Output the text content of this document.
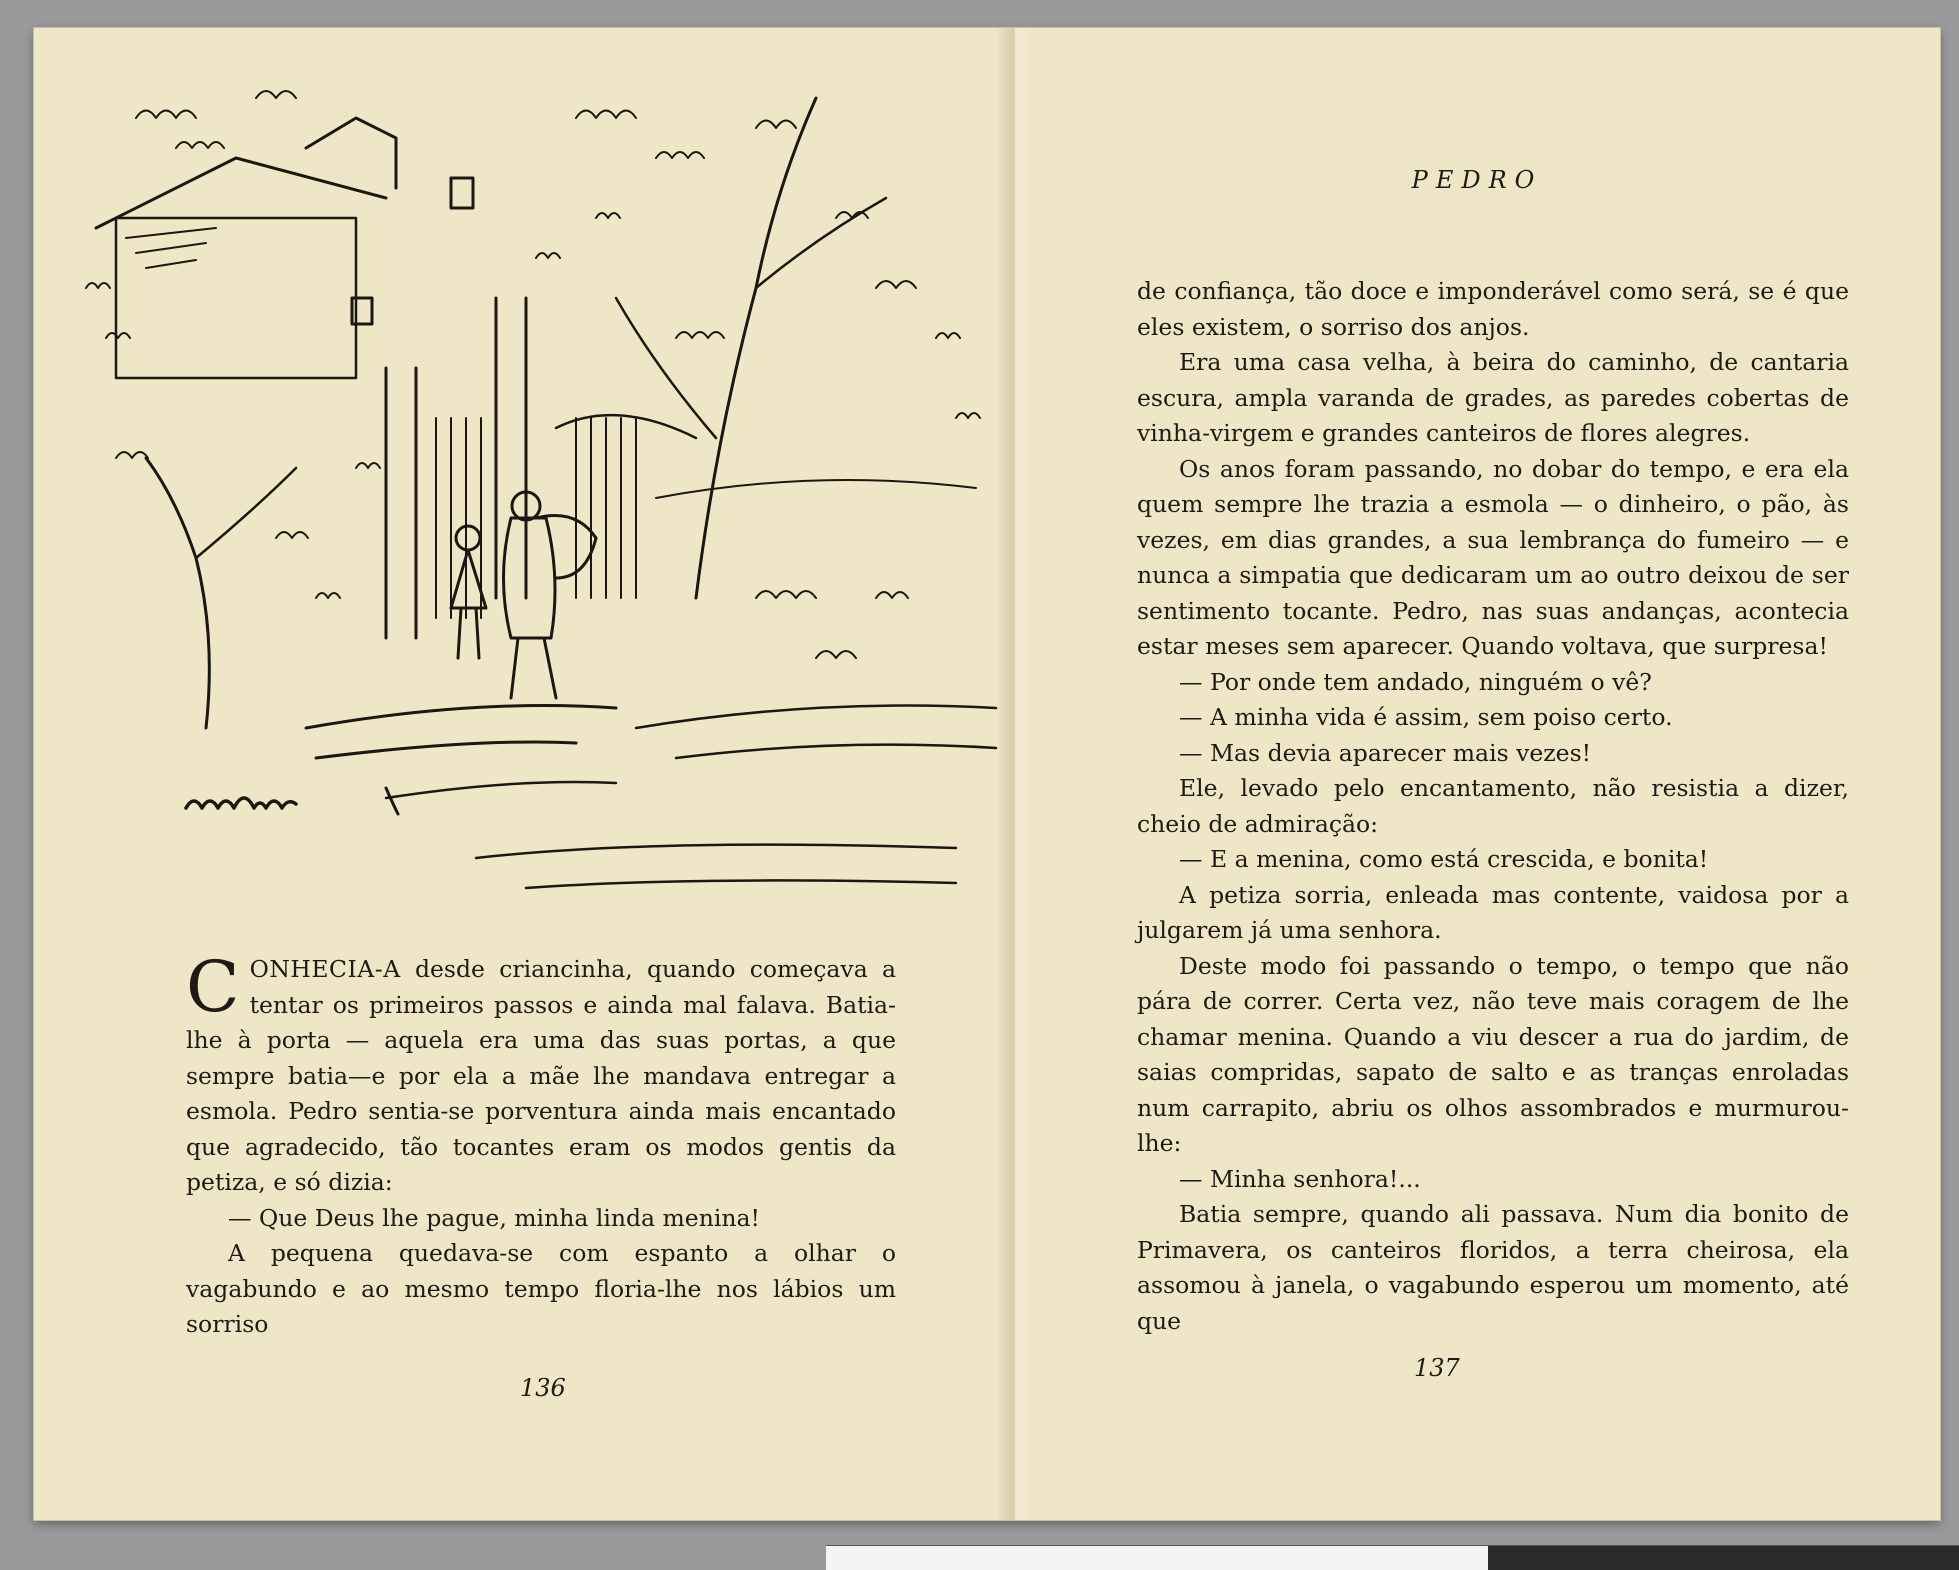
CONHECIA-A desde criancinha, quando começava a tentar os primeiros passos e ainda mal falava. Batia-lhe à porta — aquela era uma das suas portas, a que sempre batia—e por ela a mãe lhe mandava entregar a esmola. Pedro sentia-se porventura ainda mais encantado que agradecido, tão tocantes eram os modos gentis da petiza, e só dizia:

— Que Deus lhe pague, minha linda menina!

A pequena quedava-se com espanto a olhar o vagabundo e ao mesmo tempo floria-lhe nos lábios um sorriso

136
PEDRO

de confiança, tão doce e imponderável como será, se é que eles existem, o sorriso dos anjos.

Era uma casa velha, à beira do caminho, de cantaria escura, ampla varanda de grades, as paredes cobertas de vinha-virgem e grandes canteiros de flores alegres.

Os anos foram passando, no dobar do tempo, e era ela quem sempre lhe trazia a esmola — o dinheiro, o pão, às vezes, em dias grandes, a sua lembrança do fumeiro — e nunca a simpatia que dedicaram um ao outro deixou de ser sentimento tocante. Pedro, nas suas andanças, acontecia estar meses sem aparecer. Quando voltava, que surpresa!

— Por onde tem andado, ninguém o vê?

— A minha vida é assim, sem poiso certo.

— Mas devia aparecer mais vezes!

Ele, levado pelo encantamento, não resistia a dizer, cheio de admiração:

— E a menina, como está crescida, e bonita!

A petiza sorria, enleada mas contente, vaidosa por a julgarem já uma senhora.

Deste modo foi passando o tempo, o tempo que não pára de correr. Certa vez, não teve mais coragem de lhe chamar menina. Quando a viu descer a rua do jardim, de saias compridas, sapato de salto e as tranças enroladas num carrapito, abriu os olhos assombrados e murmurou-lhe:

— Minha senhora!...

Batia sempre, quando ali passava. Num dia bonito de Primavera, os canteiros floridos, a terra cheirosa, ela assomou à janela, o vagabundo esperou um momento, até que

137
